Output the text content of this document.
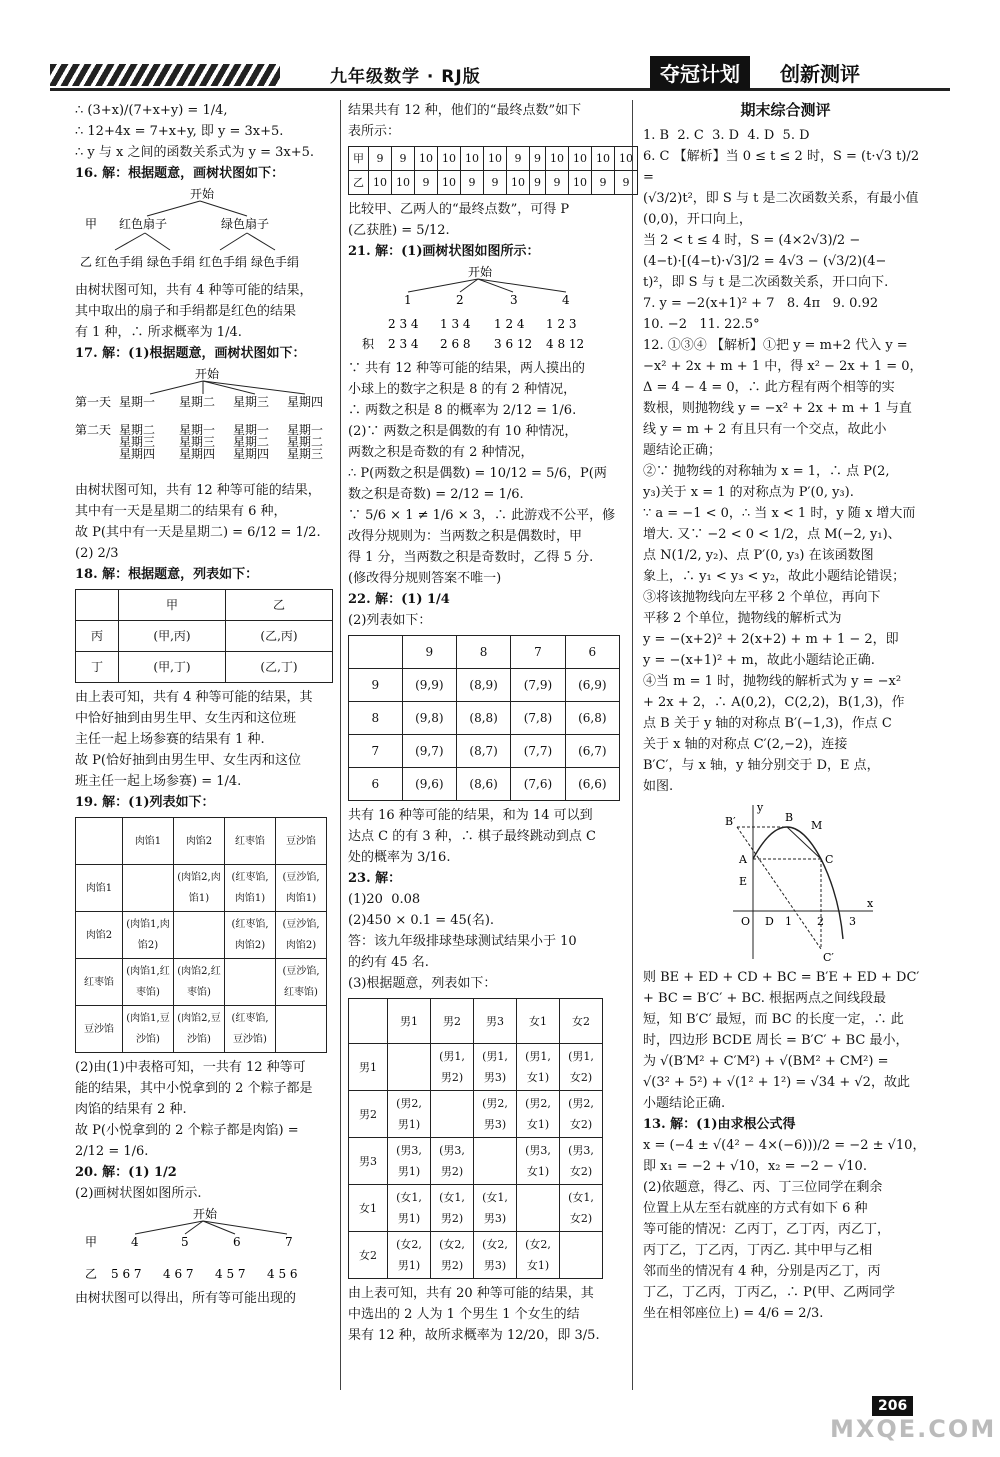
九年级数学 · RJ版	夺冠计划	创新测评

∴ (3+x)/(7+x+y) = 1/4,

∴ 12+4x = 7+x+y, 即 y = 3x+5.

∴ y 与 x 之间的函数关系式为 y = 3x+5.

16. 解：根据题意，画树状图如下：

开始
甲 红色扇子	绿色扇子
乙 红色手绢 绿色手绢 红色手绢 绿色手绢

由树状图可知，共有 4 种等可能的结果，

其中取出的扇子和手绢都是红色的结果

有 1 种，∴ 所求概率为 1/4.

17. 解：(1)根据题意，画树状图如下：

开始
第一天 星期一 星期二 星期三 星期四
第二天 星期二
星期三
星期四
星期一
星期三
星期四
星期一
星期二
星期四
星期一
星期二
星期三

由树状图可知，共有 12 种等可能的结果，

其中有一天是星期二的结果有 6 种，

故 P(其中有一天是星期二) = 6/12 = 1/2.

(2) 2/3

18. 解：根据题意，列表如下：

	甲	乙
丙	(甲,丙)	(乙,丙)
丁	(甲,丁)	(乙,丁)

由上表可知，共有 4 种等可能的结果，其

中恰好抽到由男生甲、女生丙和这位班

主任一起上场参赛的结果有 1 种.

故 P(恰好抽到由男生甲、女生丙和这位

班主任一起上场参赛) = 1/4.

19. 解：(1)列表如下：

	肉馅1	肉馅2	红枣馅	豆沙馅
肉馅1		(肉馅2,肉馅1)	(红枣馅,肉馅1)	(豆沙馅,肉馅1)
肉馅2	(肉馅1,肉馅2)		(红枣馅,肉馅2)	(豆沙馅,肉馅2)
红枣馅	(肉馅1,红枣馅)	(肉馅2,红枣馅)		(豆沙馅,红枣馅)
豆沙馅	(肉馅1,豆沙馅)	(肉馅2,豆沙馅)	(红枣馅,豆沙馅)	

(2)由(1)中表格可知，一共有 12 种等可

能的结果，其中小悦拿到的 2 个粽子都是

肉馅的结果有 2 种.

故 P(小悦拿到的 2 个粽子都是肉馅) =

2/12 = 1/6.

20. 解：(1) 1/2

(2)画树状图如图所示.

开始
甲	4	5	6	7
乙 5 6 7 4 6 7 4 5 7 4 5 6

由树状图可以得出，所有等可能出现的

结果共有 12 种，他们的“最终点数”如下

表所示：

甲	9	9	10	10	10	10	9	9	10	10	10	10
乙	10	10	9	10	9	9	10	9	9	10	9	9

比较甲、乙两人的“最终点数”，可得 P

(乙获胜) = 5/12.

21. 解：(1)画树状图如图所示：

开始
1	2	3	4
2 3 4 1 3 4 1 2 4 1 2 3
积 2 3 4 2 6 8 3 6 12 4 8 12

∵ 共有 12 种等可能的结果，两人摸出的

小球上的数字之积是 8 的有 2 种情况，

∴ 两数之积是 8 的概率为 2/12 = 1/6.

(2)∵ 两数之积是偶数的有 10 种情况，

两数之积是奇数的有 2 种情况，

∴ P(两数之积是偶数) = 10/12 = 5/6，P(两

数之积是奇数) = 2/12 = 1/6.

∵ 5/6 × 1 ≠ 1/6 × 3，∴ 此游戏不公平，修

改得分规则为：当两数之积是偶数时，甲

得 1 分，当两数之积是奇数时，乙得 5 分.

(修改得分规则答案不唯一)

22. 解：(1) 1/4

(2)列表如下：

	9	8	7	6
9	(9,9)	(8,9)	(7,9)	(6,9)
8	(9,8)	(8,8)	(7,8)	(6,8)
7	(9,7)	(8,7)	(7,7)	(6,7)
6	(9,6)	(8,6)	(7,6)	(6,6)

共有 16 种等可能的结果，和为 14 可以到

达点 C 的有 3 种，∴ 棋子最终跳动到点 C

处的概率为 3/16.

23. 解：

(1)20  0.08

(2)450 × 0.1 = 45(名).

答：该九年级排球垫球测试结果小于 10

的约有 45 名.

(3)根据题意，列表如下：

	男1	男2	男3	女1	女2
男1		(男1,男2)	(男1,男3)	(男1,女1)	(男1,女2)
男2	(男2,男1)		(男2,男3)	(男2,女1)	(男2,女2)
男3	(男3,男1)	(男3,男2)		(男3,女1)	(男3,女2)
女1	(女1,男1)	(女1,男2)	(女1,男3)		(女1,女2)
女2	(女2,男1)	(女2,男2)	(女2,男3)	(女2,女1)	

由上表可知，共有 20 种等可能的结果，其

中选出的 2 人为 1 个男生 1 个女生的结

果有 12 种，故所求概率为 12/20，即 3/5.

期末综合测评

1. B  2. C  3. D  4. D  5. D

6. C 【解析】当 0 ≤ t ≤ 2 时，S = (t·√3 t)/2 =

(√3/2)t²，即 S 与 t 是二次函数关系，有最小值

(0,0)，开口向上，

当 2 < t ≤ 4 时，S = (4×2√3)/2 −

(4−t)·[(4−t)·√3]/2 = 4√3 − (√3/2)(4−

t)²，即 S 与 t 是二次函数关系，开口向下.

7. y = −2(x+1)² + 7   8. 4π   9. 0.92

10. −2   11. 22.5°

12. ①③④ 【解析】①把 y = m+2 代入 y =

−x² + 2x + m + 1 中，得 x² − 2x + 1 = 0，

Δ = 4 − 4 = 0，∴ 此方程有两个相等的实

数根，则抛物线 y = −x² + 2x + m + 1 与直

线 y = m + 2 有且只有一个交点，故此小

题结论正确；

②∵ 抛物线的对称轴为 x = 1，∴ 点 P(2,

y₃)关于 x = 1 的对称点为 P′(0, y₃).

∵ a = −1 < 0，∴ 当 x < 1 时，y 随 x 增大而

增大. 又∵ −2 < 0 < 1/2，点 M(−2, y₁)、

点 N(1/2, y₂)、点 P′(0, y₃) 在该函数图

象上，∴ y₁ < y₃ < y₂，故此小题结论错误；

③将该抛物线向左平移 2 个单位，再向下

平移 2 个单位，抛物线的解析式为

y = −(x+2)² + 2(x+2) + m + 1 − 2，即

y = −(x+1)² + m，故此小题结论正确.

④当 m = 1 时，抛物线的解析式为 y = −x²

+ 2x + 2，∴ A(0,2)，C(2,2)，B(1,3)，作

点 B 关于 y 轴的对称点 B′(−1,3)，作点 C

关于 x 轴的对称点 C′(2,−2)，连接

B′C′，与 x 轴，y 轴分别交于 D，E 点，

如图.

B′	B
M
A	C
E
O D 1 2 3
x
y
C′

则 BE + ED + CD + BC = B′E + ED + DC′

+ BC = B′C′ + BC. 根据两点之间线段最

短，知 B′C′ 最短，而 BC 的长度一定，∴ 此

时，四边形 BCDE 周长 = B′C′ + BC 最小，

为 √(B′M² + C′M²) + √(BM² + CM²) =

√(3² + 5²) + √(1² + 1²) = √34 + √2，故此

小题结论正确.

13. 解：(1)由求根公式得

x = (−4 ± √(4² − 4×(−6)))/2 = −2 ± √10，

即 x₁ = −2 + √10，x₂ = −2 − √10.

(2)依题意，得乙、丙、丁三位同学在剩余

位置上从左至右就座的方式有如下 6 种

等可能的情况：乙丙丁，乙丁丙，丙乙丁，

丙丁乙，丁乙丙，丁丙乙. 其中甲与乙相

邻而坐的情况有 4 种，分别是丙乙丁，丙

丁乙，丁乙丙，丁丙乙，∴ P(甲、乙两同学

坐在相邻座位上) = 4/6 = 2/3.

206
MXQE.COM
